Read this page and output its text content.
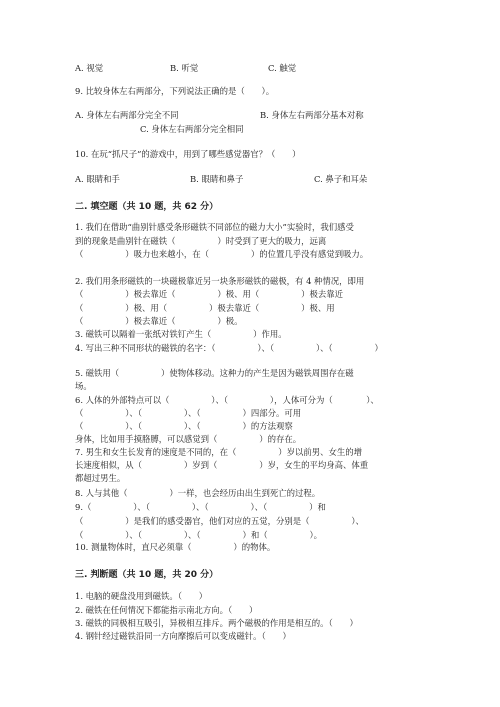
A. 视觉	B. 听觉	C. 触觉
9. 比较身体左右两部分，下列说法正确的是（　　）。
A. 身体左右两部分完全不同	B. 身体左右两部分基本对称
C. 身体左右两部分完全相同
10. 在玩“抓尺子”的游戏中，用到了哪些感觉器官？（　　）
A. 眼睛和手	B. 眼睛和鼻子	C. 鼻子和耳朵
二. 填空题（共 10 题，共 62 分）
1. 我们在借助“曲别针感受条形磁铁不同部位的磁力大小”实验时，我们感受
到的现象是曲别针在磁铁（　　　　　）时受到了更大的吸力，远离
（　　　　　）吸力也来越小，在（　　　　　）的位置几乎没有感觉到吸力。
2. 我们用条形磁铁的一块磁极靠近另一块条形磁铁的磁极，有 4 种情况，即用
（　　　　　）极去靠近（　　　　　）极、用（　　　　　）极去靠近
（　　　　　）极、用（　　　　　）极去靠近（　　　　　）极、用
（　　　　　）极去靠近（　　　　　）极。
3. 磁铁可以隔着一张纸对铁钉产生（　　　　　）作用。
4. 写出三种不同形状的磁铁的名字：（　　　　　）、（　　　　　）、（　　　　　）
5. 磁铁用（　　　　　）使物体移动。这种力的产生是因为磁铁周围存在磁
场。
6. 人体的外部特点可以（　　　　　）、（　　　　　），人体可分为（　　　　）、
（　　　　　）、（　　　　　）、（　　　　　）四部分。可用
（　　　　　）、（　　　　　）、（　　　　　）的方法观察
身体，比如用手摸胳膊，可以感觉到（　　　　　）的存在。
7. 男生和女生长发育的速度是不同的，在（　　　　　）岁以前男、女生的增
长速度相似，从（　　　　　）岁到（　　　　　）岁，女生的平均身高、体重
都超过男生。
8. 人与其他（　　　　　）一样，也会经历由出生到死亡的过程。
9.（　　　　　）、（　　　　　）、（　　　　　）、（　　　　　）和
（　　　　　）是我们的感受器官，他们对应的五觉，分别是（　　　　　）、
（　　　　　）、（　　　　　）、（　　　　　）和（　　　　　）。
10. 测量物体时，直尺必须靠（　　　　　）的物体。
三. 判断题（共 10 题，共 20 分）
1. 电脑的硬盘没用到磁铁。（　　）
2. 磁铁在任何情况下都能指示南北方向。（　　）
3. 磁铁的同极相互吸引，异极相互排斥。两个磁极的作用是相互的。（　　）
4. 钢针经过磁铁沿同一方向摩擦后可以变成磁针。（　　）
